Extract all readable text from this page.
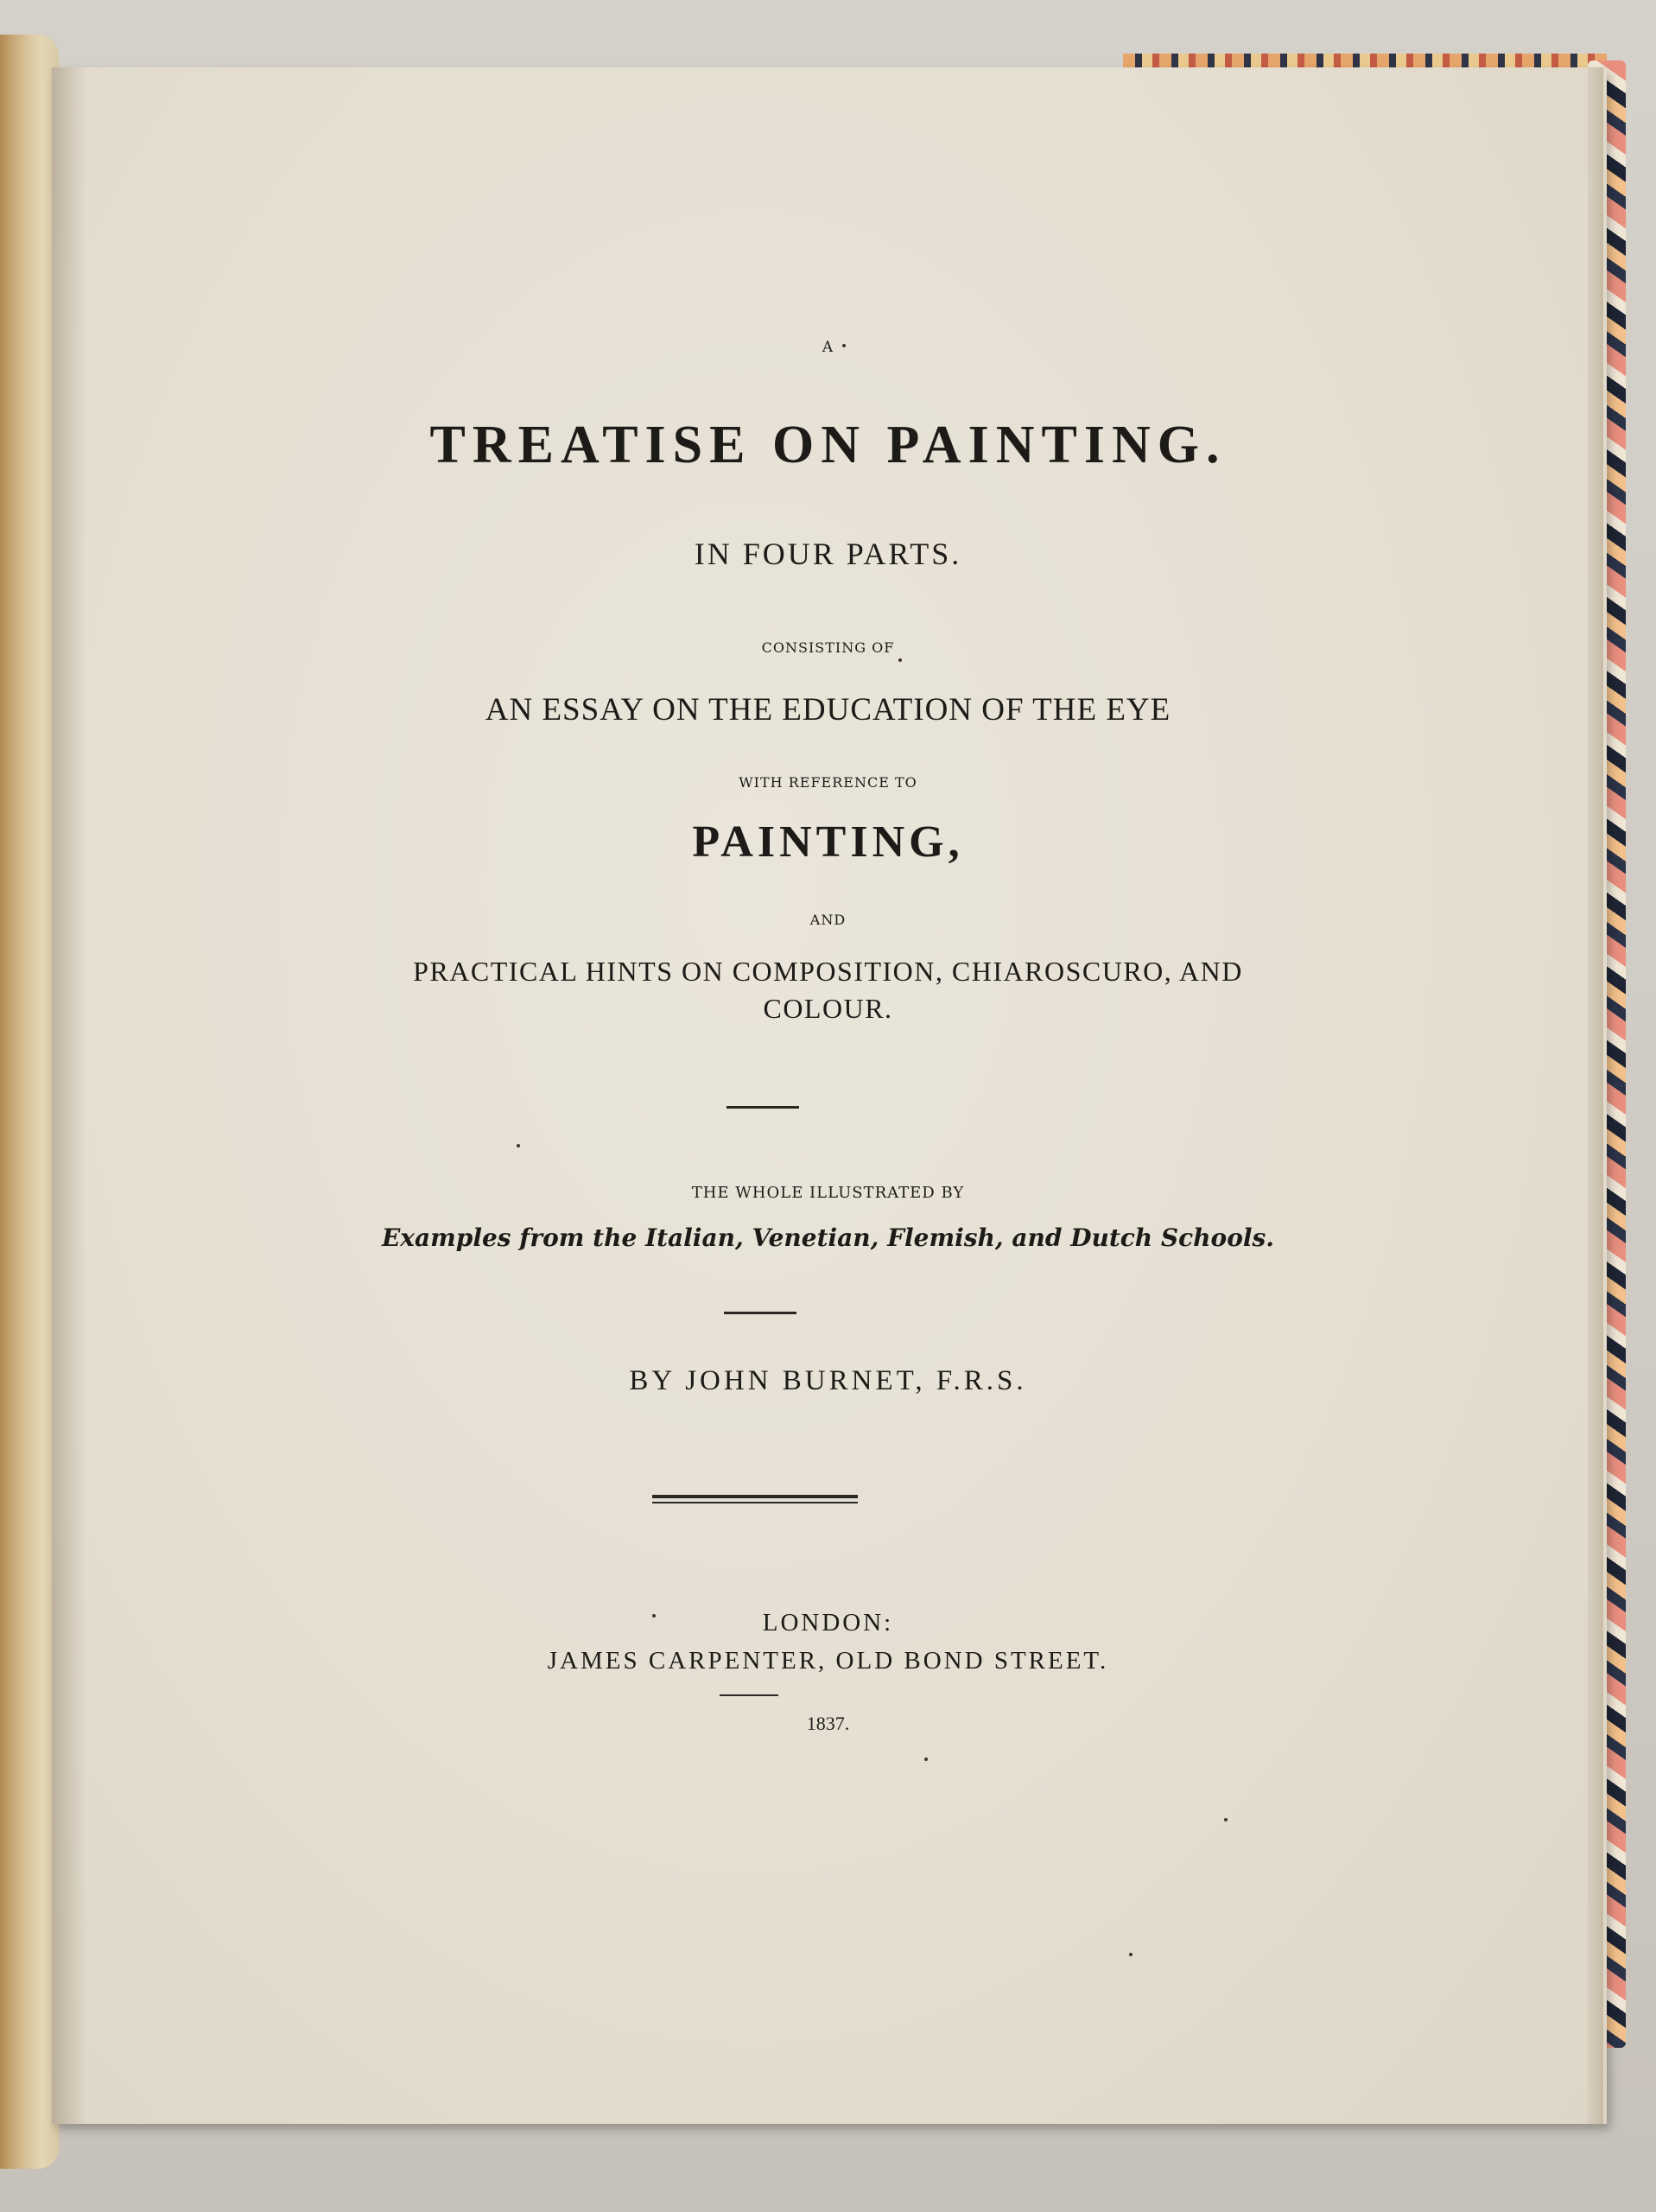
A
TREATISE ON PAINTING.
IN FOUR PARTS.
CONSISTING OF
AN ESSAY ON THE EDUCATION OF THE EYE
WITH REFERENCE TO
PAINTING,
AND
PRACTICAL HINTS ON COMPOSITION, CHIAROSCURO, AND
COLOUR.
THE WHOLE ILLUSTRATED BY
Examples from the Italian, Venetian, Flemish, and Dutch Schools.
BY JOHN BURNET, F.R.S.
LONDON:
JAMES CARPENTER, OLD BOND STREET.
1837.
